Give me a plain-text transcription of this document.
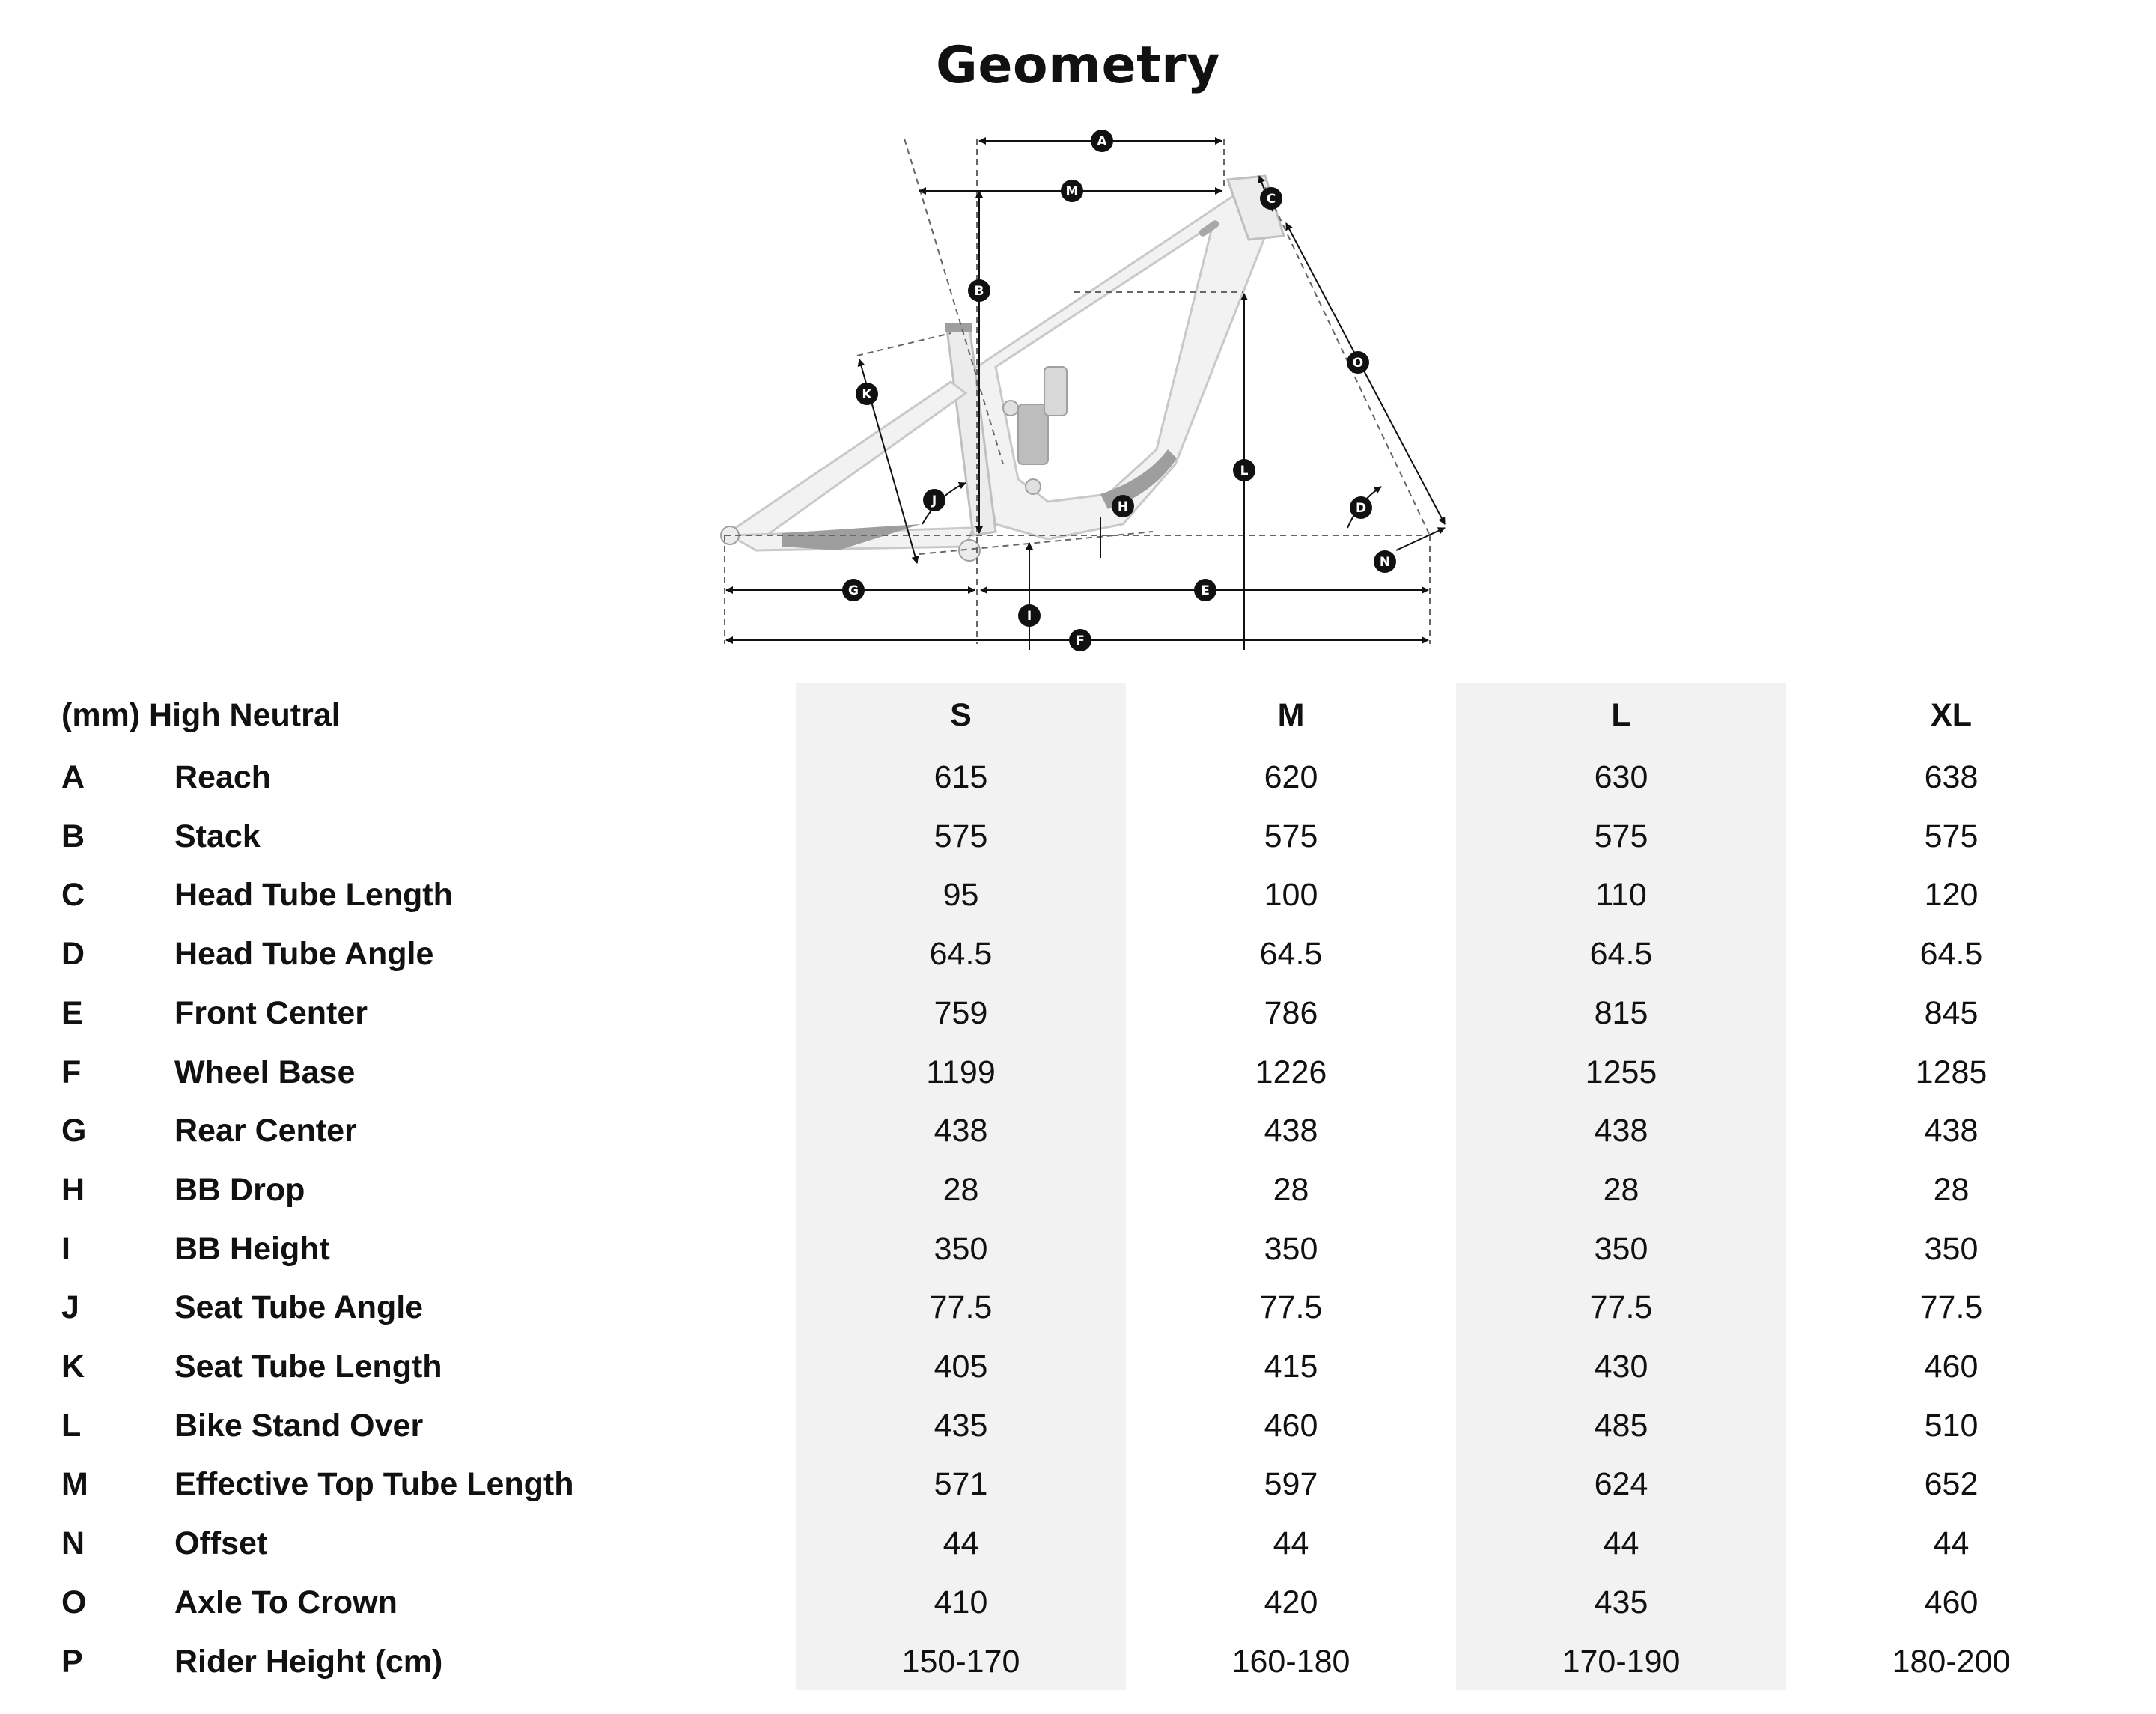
Geometry
A
M	C
B
O
K
L
J	H	D
N
G	E
I
F
(mm) High Neutral	S	M	L	XL
A	Reach	615	620	630	638
B	Stack	575	575	575	575
C	Head Tube Length	95	100	110	120
D	Head Tube Angle	64.5	64.5	64.5	64.5
E	Front Center	759	786	815	845
F	Wheel Base	1199	1226	1255	1285
G	Rear Center	438	438	438	438
H	BB Drop	28	28	28	28
I	BB Height	350	350	350	350
J	Seat Tube Angle	77.5	77.5	77.5	77.5
K	Seat Tube Length	405	415	430	460
L	Bike Stand Over	435	460	485	510
M	Effective Top Tube Length	571	597	624	652
N	Offset	44	44	44	44
O	Axle To Crown	410	420	435	460
P	Rider Height (cm)	150-170	160-180	170-190	180-200
